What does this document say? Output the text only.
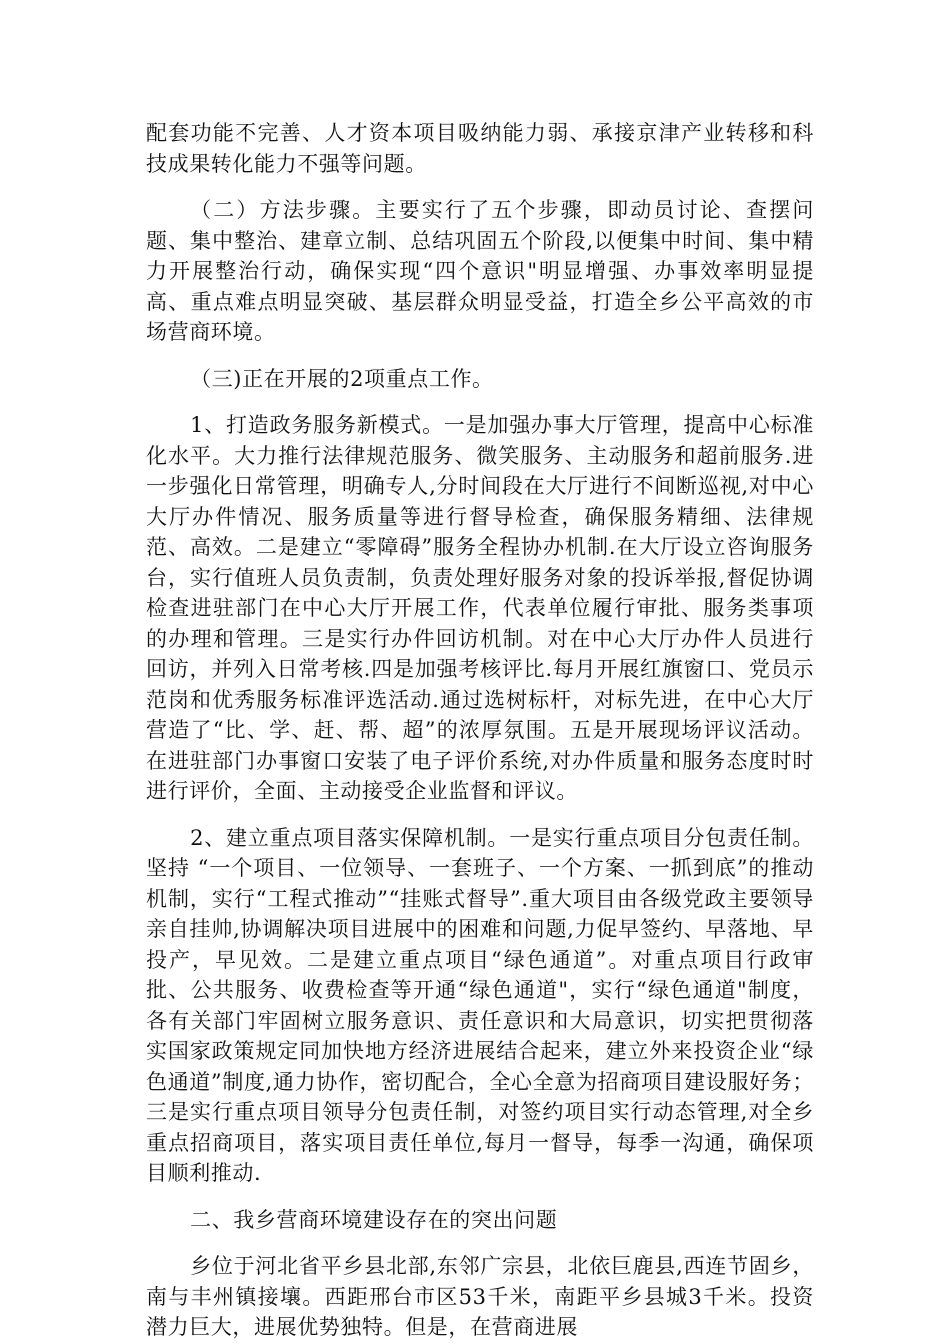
配套功能不完善、人才资本项目吸纳能力弱、承接京津产业转移和科技成果转化能力不强等问题。

（二）方法步骤。主要实行了五个步骤，即动员讨论、查摆问题、集中整治、建章立制、总结巩固五个阶段,以便集中时间、集中精力开展整治行动，确保实现“四个意识"明显增强、办事效率明显提高、重点难点明显突破、基层群众明显受益，打造全乡公平高效的市场营商环境。

（三)正在开展的2项重点工作。

1、打造政务服务新模式。一是加强办事大厅管理，提高中心标准化水平。大力推行法律规范服务、微笑服务、主动服务和超前服务.进一步强化日常管理，明确专人,分时间段在大厅进行不间断巡视,对中心大厅办件情况、服务质量等进行督导检查，确保服务精细、法律规范、高效。二是建立“零障碍”服务全程协办机制.在大厅设立咨询服务台，实行值班人员负责制，负责处理好服务对象的投诉举报,督促协调检查进驻部门在中心大厅开展工作，代表单位履行审批、服务类事项的办理和管理。三是实行办件回访机制。对在中心大厅办件人员进行回访，并列入日常考核.四是加强考核评比.每月开展红旗窗口、党员示范岗和优秀服务标准评选活动.通过选树标杆，对标先进，在中心大厅营造了“比、学、赶、帮、超”的浓厚氛围。五是开展现场评议活动。在进驻部门办事窗口安装了电子评价系统,对办件质量和服务态度时时进行评价，全面、主动接受企业监督和评议。

2、建立重点项目落实保障机制。一是实行重点项目分包责任制。坚持 “一个项目、一位领导、一套班子、一个方案、一抓到底”的推动机制，实行“工程式推动”“挂账式督导”.重大项目由各级党政主要领导亲自挂帅,协调解决项目进展中的困难和问题,力促早签约、早落地、早投产，早见效。二是建立重点项目“绿色通道”。对重点项目行政审批、公共服务、收费检查等开通“绿色通道"，实行“绿色通道"制度，各有关部门牢固树立服务意识、责任意识和大局意识，切实把贯彻落实国家政策规定同加快地方经济进展结合起来，建立外来投资企业“绿色通道”制度,通力协作，密切配合，全心全意为招商项目建设服好务；三是实行重点项目领导分包责任制，对签约项目实行动态管理,对全乡重点招商项目，落实项目责任单位,每月一督导，每季一沟通，确保项目顺利推动.

二、我乡营商环境建设存在的突出问题

乡位于河北省平乡县北部,东邻广宗县，北依巨鹿县,西连节固乡，南与丰州镇接壤。西距邢台市区53千米，南距平乡县城3千米。投资潜力巨大，进展优势独特。但是，在营商进展
